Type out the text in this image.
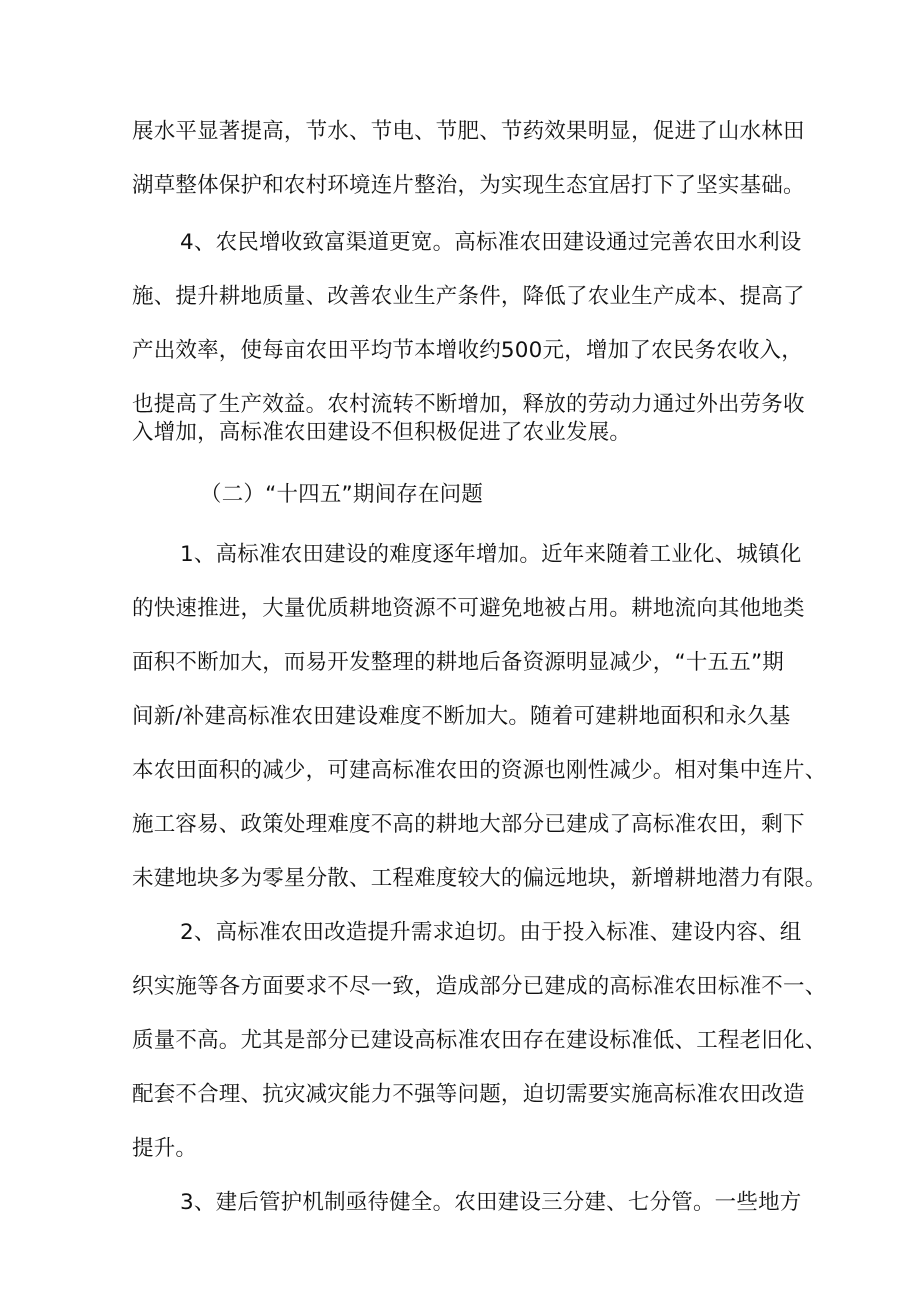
展水平显著提高，节水、节电、节肥、节药效果明显，促进了山水林田
湖草整体保护和农村环境连片整治，为实现生态宜居打下了坚实基础。
4、农民增收致富渠道更宽。高标准农田建设通过完善农田水利设
施、提升耕地质量、改善农业生产条件，降低了农业生产成本、提高了
产出效率，使每亩农田平均节本增收约500元，增加了农民务农收入，
也提高了生产效益。农村流转不断增加，释放的劳动力通过外出劳务收
入增加，高标准农田建设不但积极促进了农业发展。
（二）“十四五”期间存在问题
1、高标准农田建设的难度逐年增加。近年来随着工业化、城镇化
的快速推进，大量优质耕地资源不可避免地被占用。耕地流向其他地类
面积不断加大，而易开发整理的耕地后备资源明显减少，“十五五”期
间新/补建高标准农田建设难度不断加大。随着可建耕地面积和永久基
本农田面积的减少，可建高标准农田的资源也刚性减少。相对集中连片、
施工容易、政策处理难度不高的耕地大部分已建成了高标准农田，剩下
未建地块多为零星分散、工程难度较大的偏远地块，新增耕地潜力有限。
2、高标准农田改造提升需求迫切。由于投入标准、建设内容、组
织实施等各方面要求不尽一致，造成部分已建成的高标准农田标准不一、
质量不高。尤其是部分已建设高标准农田存在建设标准低、工程老旧化、
配套不合理、抗灾减灾能力不强等问题，迫切需要实施高标准农田改造
提升。
3、建后管护机制亟待健全。农田建设三分建、七分管。一些地方
